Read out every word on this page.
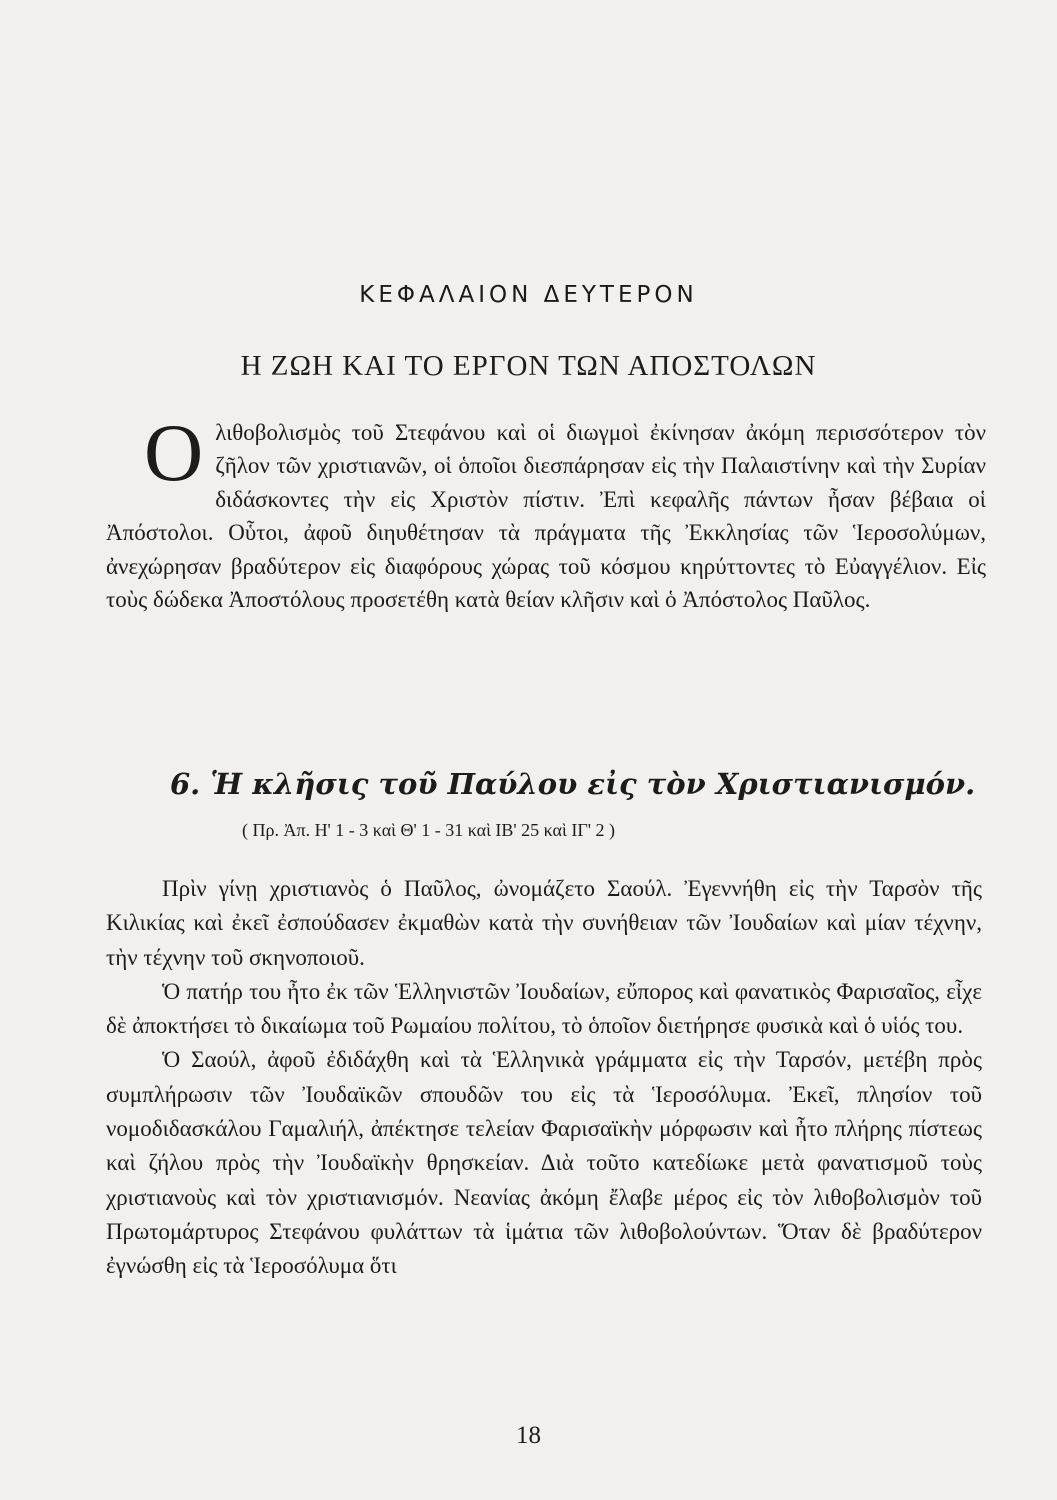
ΚΕΦΑΛΑΙΟΝ ΔΕΥΤΕΡΟΝ
Η ΖΩΗ ΚΑΙ ΤΟ ΕΡΓΟΝ ΤΩΝ ΑΠΟΣΤΟΛΩΝ
Ολιθοβολισμὸς τοῦ Στεφάνου καὶ οἱ διωγμοὶ ἐκίνησαν ἀκόμη περισσότερον τὸν ζῆλον τῶν χριστιανῶν, οἱ ὁποῖοι διεσπάρησαν εἰς τὴν Παλαιστίνην καὶ τὴν Συρίαν διδάσκοντες τὴν εἰς Χριστὸν πίστιν. Ἐπὶ κεφαλῆς πάντων ἦσαν βέβαια οἱ Ἀπόστολοι. Οὗτοι, ἀφοῦ διηυθέτησαν τὰ πράγματα τῆς Ἐκκλησίας τῶν Ἱεροσολύμων, ἀνεχώρησαν βραδύτερον εἰς διαφόρους χώρας τοῦ κόσμου κηρύττοντες τὸ Εὐαγγέλιον. Εἰς τοὺς δώδεκα Ἀποστόλους προσετέθη κατὰ θείαν κλῆσιν καὶ ὁ Ἀπόστολος Παῦλος.
6. Ἡ κλῆσις τοῦ Παύλου εἰς τὸν Χριστιανισμόν.
( Πρ. Ἀπ. Η' 1 - 3 καὶ Θ' 1 - 31 καὶ ΙΒ' 25 καὶ ΙΓ' 2 )

Πρὶν γίνῃ χριστιανὸς ὁ Παῦλος, ὠνομάζετο Σαούλ. Ἐγεννήθη εἰς τὴν Ταρσὸν τῆς Κιλικίας καὶ ἐκεῖ ἐσπούδασεν ἐκμαθὼν κατὰ τὴν συνήθειαν τῶν Ἰουδαίων καὶ μίαν τέχνην, τὴν τέχνην τοῦ σκηνοποιοῦ.

Ὁ πατήρ του ἦτο ἐκ τῶν Ἑλληνιστῶν Ἰουδαίων, εὔπορος καὶ φανατικὸς Φαρισαῖος, εἶχε δὲ ἀποκτήσει τὸ δικαίωμα τοῦ Ρωμαίου πολίτου, τὸ ὁποῖον διετήρησε φυσικὰ καὶ ὁ υἱός του.

Ὁ Σαούλ, ἀφοῦ ἐδιδάχθη καὶ τὰ Ἑλληνικὰ γράμματα εἰς τὴν Ταρσόν, μετέβη πρὸς συμπλήρωσιν τῶν Ἰουδαϊκῶν σπουδῶν του εἰς τὰ Ἱεροσόλυμα. Ἐκεῖ, πλησίον τοῦ νομοδιδασκάλου Γαμαλιήλ, ἀπέκτησε τελείαν Φαρισαϊκὴν μόρφωσιν καὶ ἦτο πλήρης πίστεως καὶ ζήλου πρὸς τὴν Ἰουδαϊκὴν θρησκείαν. Διὰ τοῦτο κατεδίωκε μετὰ φανατισμοῦ τοὺς χριστιανοὺς καὶ τὸν χριστιανισμόν. Νεανίας ἀκόμη ἔλαβε μέρος εἰς τὸν λιθοβολισμὸν τοῦ Πρωτομάρτυρος Στεφάνου φυλάττων τὰ ἱμάτια τῶν λιθοβολούντων. Ὅταν δὲ βραδύτερον ἐγνώσθη εἰς τὰ Ἱεροσόλυμα ὅτι

18
